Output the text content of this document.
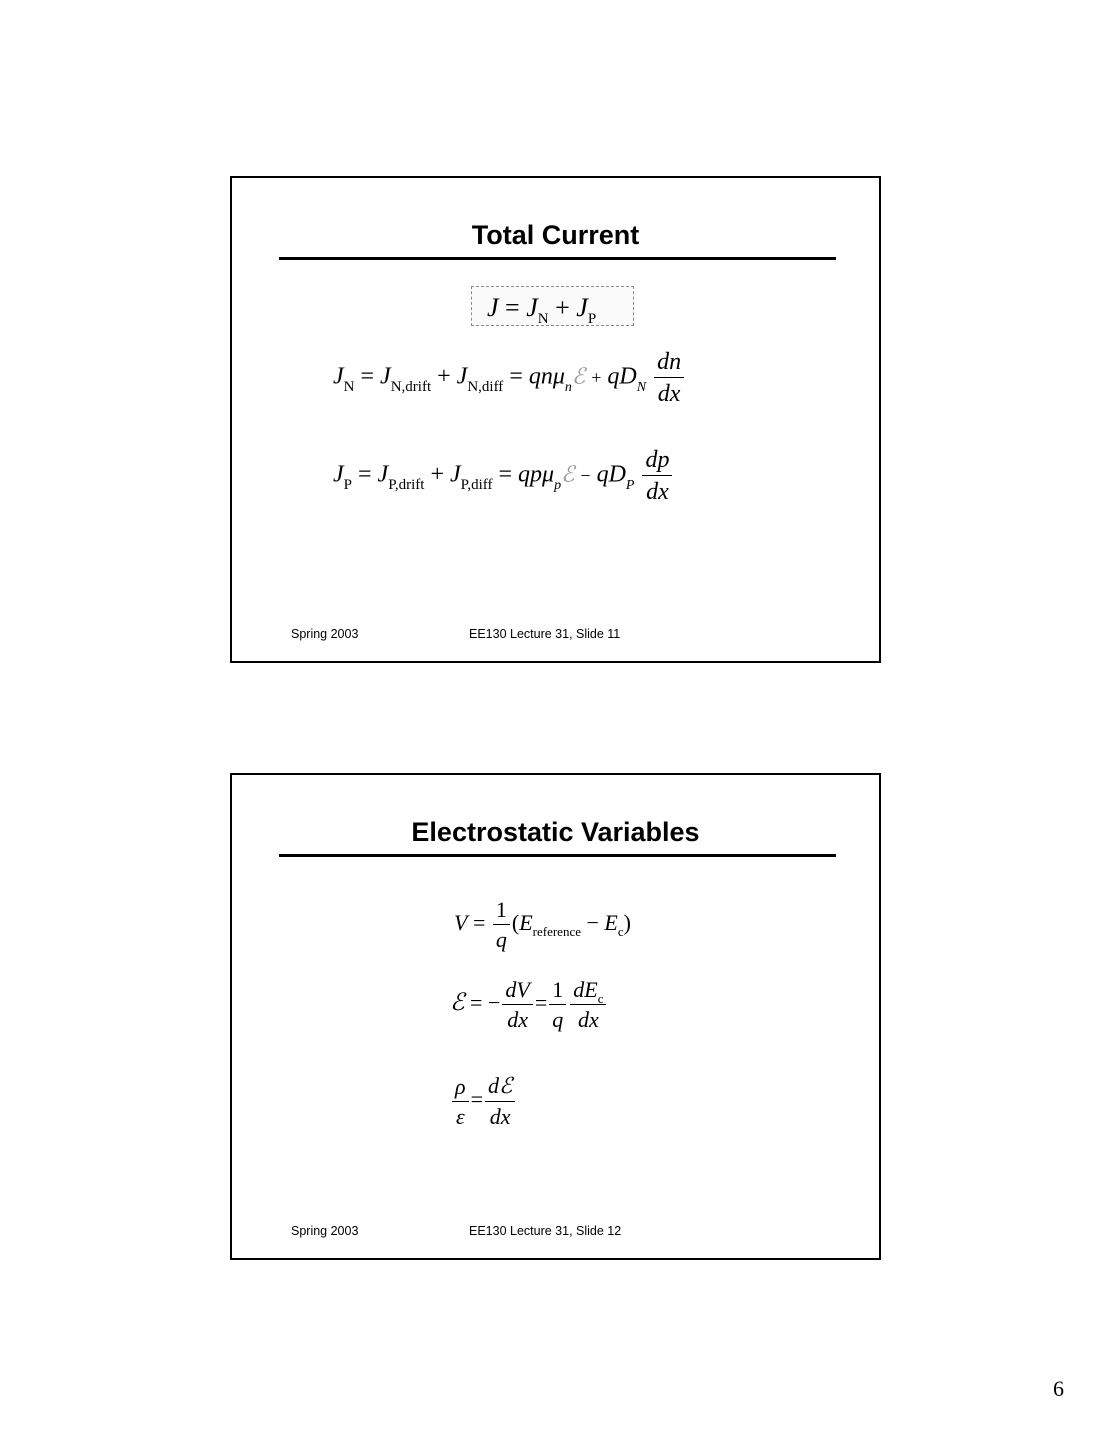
Total Current
$J = J_N + J_P$
$J_N = J_{N,drift} + J_{N,diff}$ = qnμ$_n$ℰ + $qD_N \frac{dn}{dx}$
$J_P = J_{P,drift} + J_{P,diff}$ = qpμ$_p$ℰ − $qD_P \frac{dp}{dx}$
Spring 2003	EE130 Lecture 31, Slide 11
Electrostatic Variables
$V = \frac{1}{q} (E_{reference} - E_c)$
ℰ = − $\frac{dV}{dx} = \frac{1}{q} \frac{dE_c}{dx}$
$\frac{\rho}{\varepsilon} = \frac{\text{dℰ}}{dx}$
Spring 2003	EE130 Lecture 31, Slide 12
6
